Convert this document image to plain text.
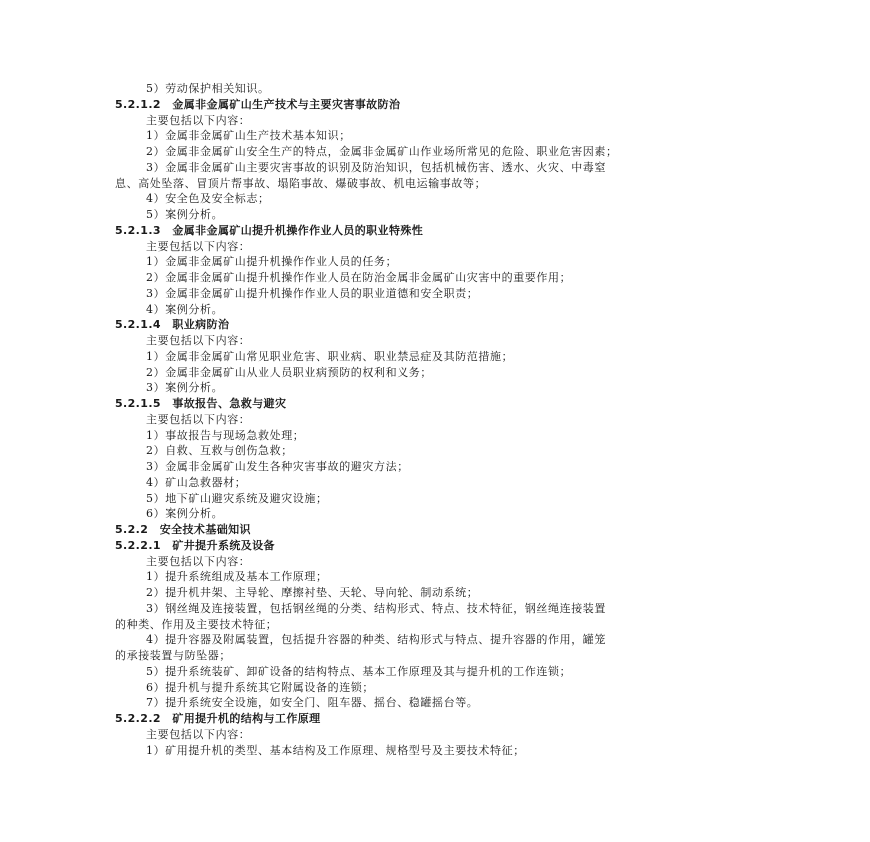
5）劳动保护相关知识。
5.2.1.2　金属非金属矿山生产技术与主要灾害事故防治
主要包括以下内容：
1）金属非金属矿山生产技术基本知识；
2）金属非金属矿山安全生产的特点，金属非金属矿山作业场所常见的危险、职业危害因素；
3）金属非金属矿山主要灾害事故的识别及防治知识，包括机械伤害、透水、火灾、中毒窒
息、高处坠落、冒顶片帮事故、塌陷事故、爆破事故、机电运输事故等；
4）安全色及安全标志；
5）案例分析。
5.2.1.3　金属非金属矿山提升机操作作业人员的职业特殊性
主要包括以下内容：
1）金属非金属矿山提升机操作作业人员的任务；
2）金属非金属矿山提升机操作作业人员在防治金属非金属矿山灾害中的重要作用；
3）金属非金属矿山提升机操作作业人员的职业道德和安全职责；
4）案例分析。
5.2.1.4　职业病防治
主要包括以下内容：
1）金属非金属矿山常见职业危害、职业病、职业禁忌症及其防范措施；
2）金属非金属矿山从业人员职业病预防的权利和义务；
3）案例分析。
5.2.1.5　事故报告、急救与避灾
主要包括以下内容：
1）事故报告与现场急救处理；
2）自救、互救与创伤急救；
3）金属非金属矿山发生各种灾害事故的避灾方法；
4）矿山急救器材；
5）地下矿山避灾系统及避灾设施；
6）案例分析。
5.2.2　安全技术基础知识
5.2.2.1　矿井提升系统及设备
主要包括以下内容：
1）提升系统组成及基本工作原理；
2）提升机井架、主导轮、摩擦衬垫、天轮、导向轮、制动系统；
3）钢丝绳及连接装置，包括钢丝绳的分类、结构形式、特点、技术特征，钢丝绳连接装置
的种类、作用及主要技术特征；
4）提升容器及附属装置，包括提升容器的种类、结构形式与特点、提升容器的作用，罐笼
的承接装置与防坠器；
5）提升系统装矿、卸矿设备的结构特点、基本工作原理及其与提升机的工作连锁；
6）提升机与提升系统其它附属设备的连锁；
7）提升系统安全设施，如安全门、阻车器、摇台、稳罐摇台等。
5.2.2.2　矿用提升机的结构与工作原理
主要包括以下内容：
1）矿用提升机的类型、基本结构及工作原理、规格型号及主要技术特征；
